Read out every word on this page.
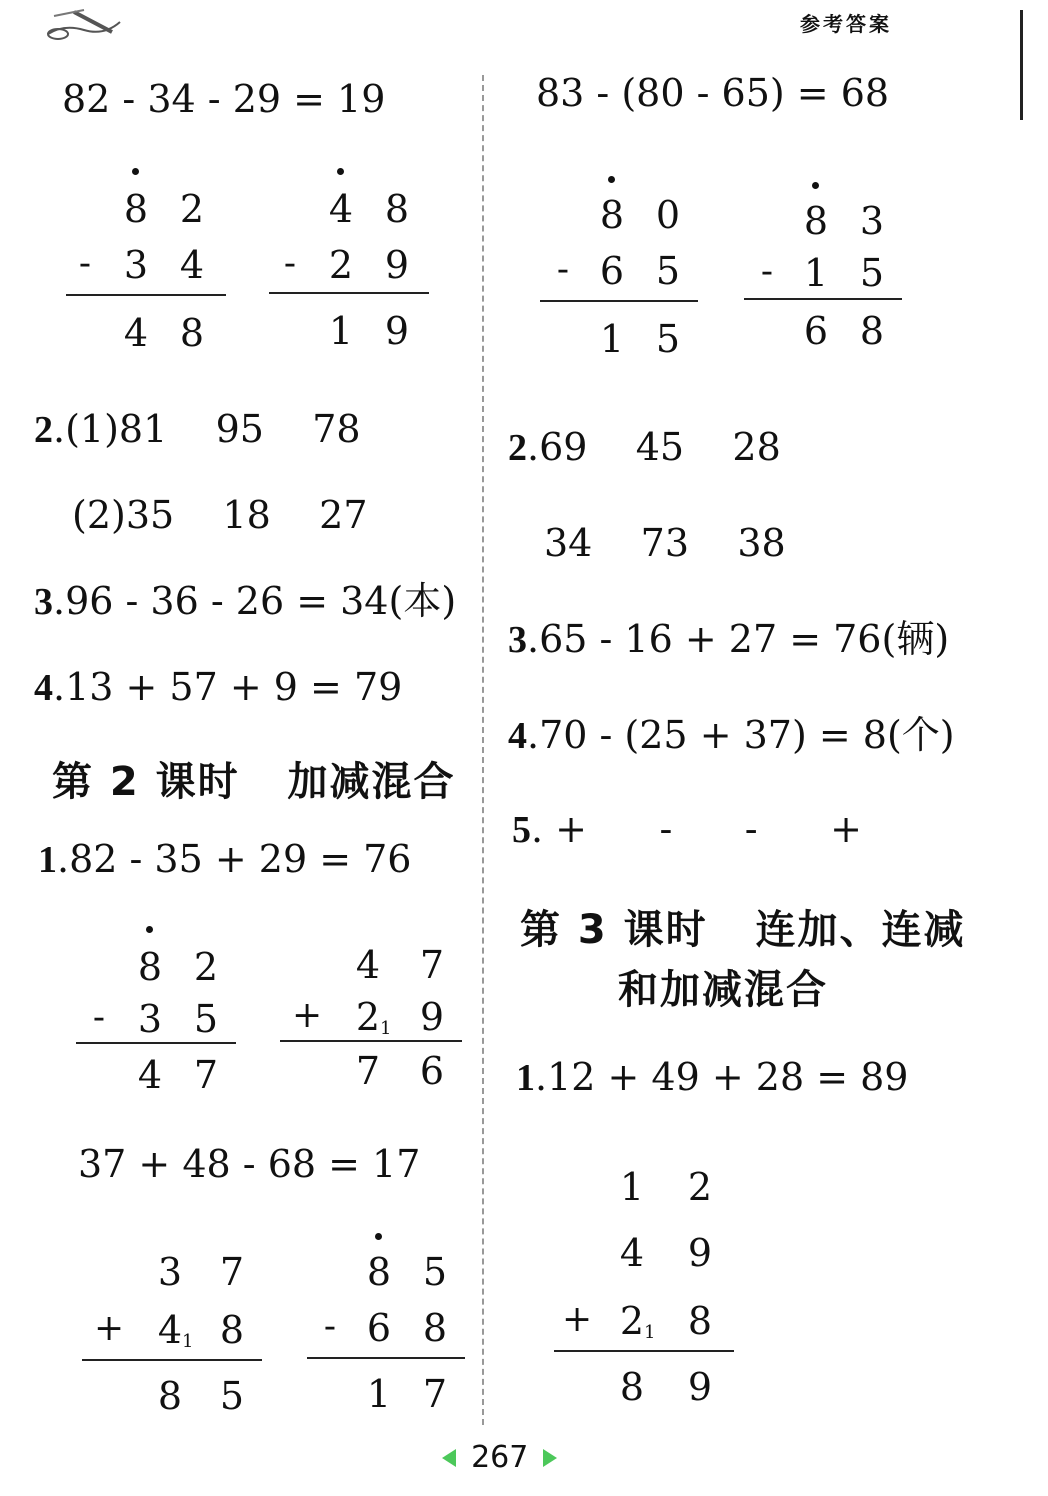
参考答案
82 - 34 - 29 = 19
8 2
- 3 4
4 8
4 8
- 2 9
1 9
2.(1)81    95    78
(2)35    18    27
3.96 - 36 - 26 = 34(本)
4.13 + 57 + 9 = 79
第 2 课时   加减混合
1.82 - 35 + 29 = 76
8 2
- 3 5
4 7
4 7
+ 2 1 9
7 6
37 + 48 - 68 = 17
3 7
+ 4 1 8
8 5
8 5
- 6 8
1 7
83 - (80 - 65) = 68
8 0
- 6 5
1 5
8 3
- 1 5
6 8
2.69    45    28
34    73    38
3.65 - 16 + 27 = 76(辆)
4.70 - (25 + 37) = 8(个)
5. +      -      -      +
第 3 课时   连加、连减
和加减混合
1.12 + 49 + 28 = 89
1 2
4 9
+ 2 1 8
8 9
267
